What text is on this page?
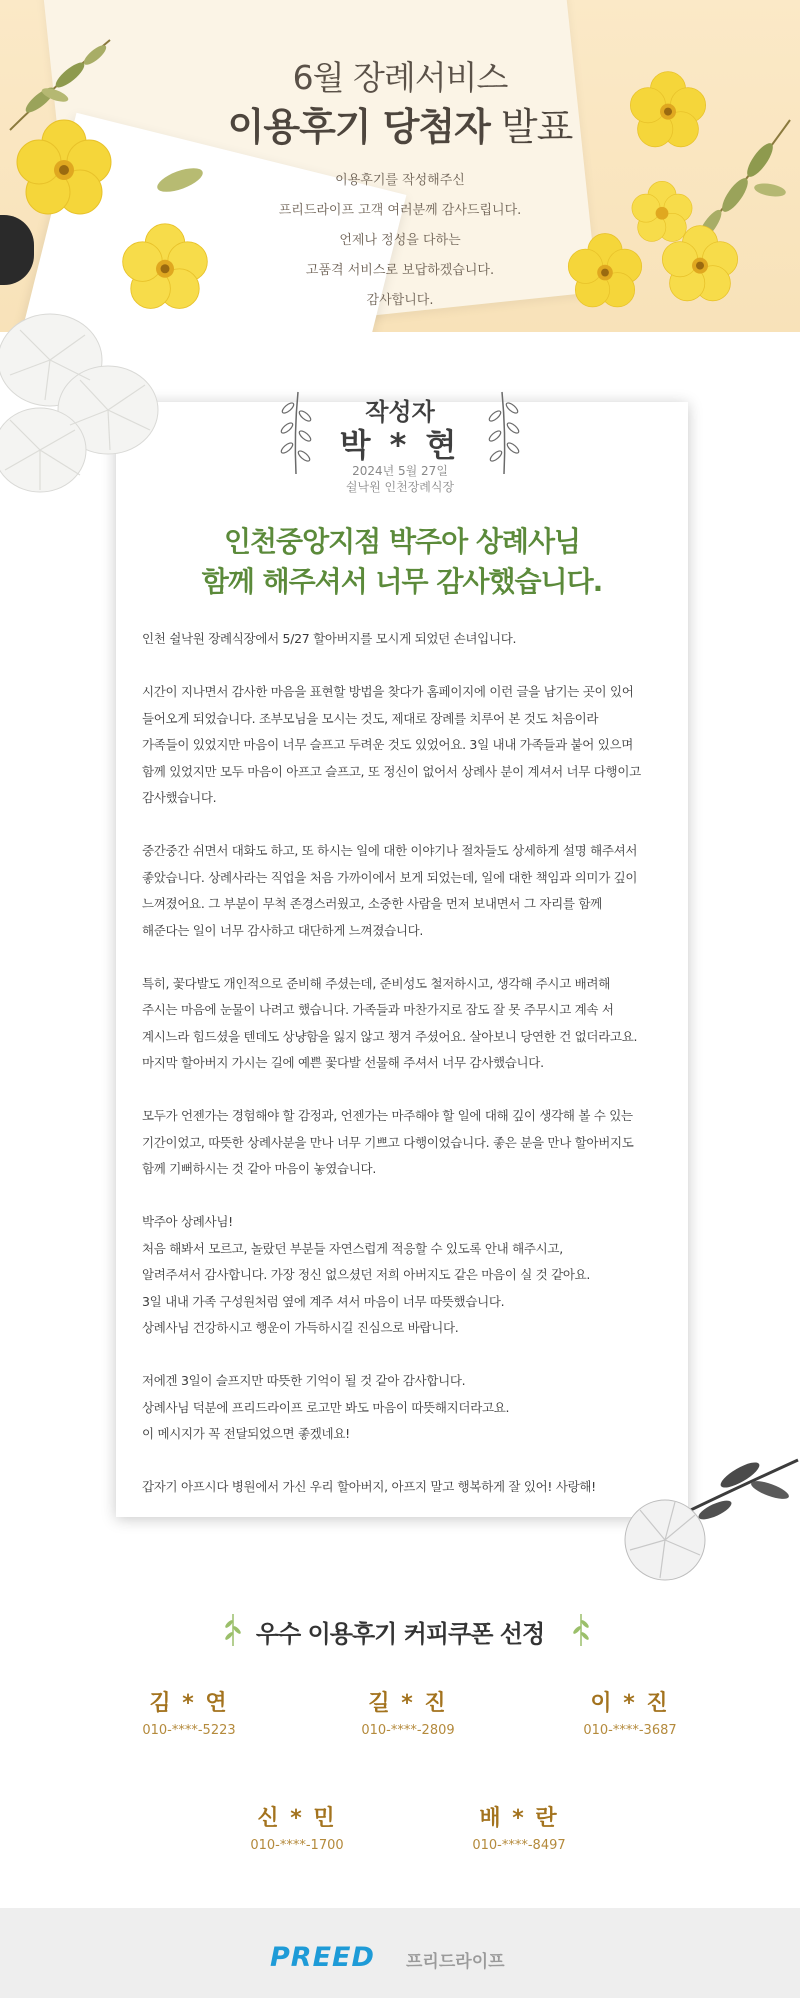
6월 장례서비스
이용후기 당첨자 발표
이용후기를 작성해주신
프리드라이프 고객 여러분께 감사드립니다.
언제나 정성을 다하는
고품격 서비스로 보답하겠습니다.
감사합니다.
작성자
박 * 현
2024년 5월 27일
쉴낙원 인천장례식장
인천중앙지점 박주아 상례사님
함께 해주셔서 너무 감사했습니다.
인천 쉴낙원 장례식장에서 5/27 할아버지를 모시게 되었던 손녀입니다.
시간이 지나면서 감사한 마음을 표현할 방법을 찾다가 홈페이지에 이런 글을 남기는 곳이 있어
들어오게 되었습니다. 조부모님을 모시는 것도, 제대로 장례를 치루어 본 것도 처음이라
가족들이 있었지만 마음이 너무 슬프고 두려운 것도 있었어요. 3일 내내 가족들과 붙어 있으며
함께 있었지만 모두 마음이 아프고 슬프고, 또 정신이 없어서 상례사 분이 계셔서 너무 다행이고
감사했습니다.
중간중간 쉬면서 대화도 하고, 또 하시는 일에 대한 이야기나 절차들도 상세하게 설명 해주셔서
좋았습니다. 상례사라는 직업을 처음 가까이에서 보게 되었는데, 일에 대한 책임과 의미가 깊이
느껴졌어요. 그 부분이 무척 존경스러웠고, 소중한 사람을 먼저 보내면서 그 자리를 함께
해준다는 일이 너무 감사하고 대단하게 느껴졌습니다.
특히, 꽃다발도 개인적으로 준비해 주셨는데, 준비성도 철저하시고, 생각해 주시고 배려해
주시는 마음에 눈물이 나려고 했습니다. 가족들과 마찬가지로 잠도 잘 못 주무시고 계속 서
계시느라 힘드셨을 텐데도 상냥함을 잃지 않고 챙겨 주셨어요. 살아보니 당연한 건 없더라고요.
마지막 할아버지 가시는 길에 예쁜 꽃다발 선물해 주셔서 너무 감사했습니다.
모두가 언젠가는 경험해야 할 감정과, 언젠가는 마주해야 할 일에 대해 깊이 생각해 볼 수 있는
기간이었고, 따뜻한 상례사분을 만나 너무 기쁘고 다행이었습니다. 좋은 분을 만나 할아버지도
함께 기뻐하시는 것 같아 마음이 놓였습니다.
박주아 상례사님!
처음 해봐서 모르고, 놀랐던 부분들 자연스럽게 적응할 수 있도록 안내 해주시고,
알려주셔서 감사합니다. 가장 정신 없으셨던 저희 아버지도 같은 마음이 실 것 같아요.
3일 내내 가족 구성원처럼 옆에 계주 셔서 마음이 너무 따뜻했습니다.
상례사님 건강하시고 행운이 가득하시길 진심으로 바랍니다.
저에겐 3일이 슬프지만 따뜻한 기억이 될 것 같아 감사합니다.
상례사님 덕분에 프리드라이프 로고만 봐도 마음이 따뜻해지더라고요.
이 메시지가 꼭 전달되었으면 좋겠네요!
갑자기 아프시다 병원에서 가신 우리 할아버지, 아프지 말고 행복하게 잘 있어! 사랑해!
우수 이용후기 커피쿠폰 선정
김 * 연
010-****-5223
길 * 진
010-****-2809
이 * 진
010-****-3687
신 * 민
010-****-1700
배 * 란
010-****-8497
PREED 프리드라이프
